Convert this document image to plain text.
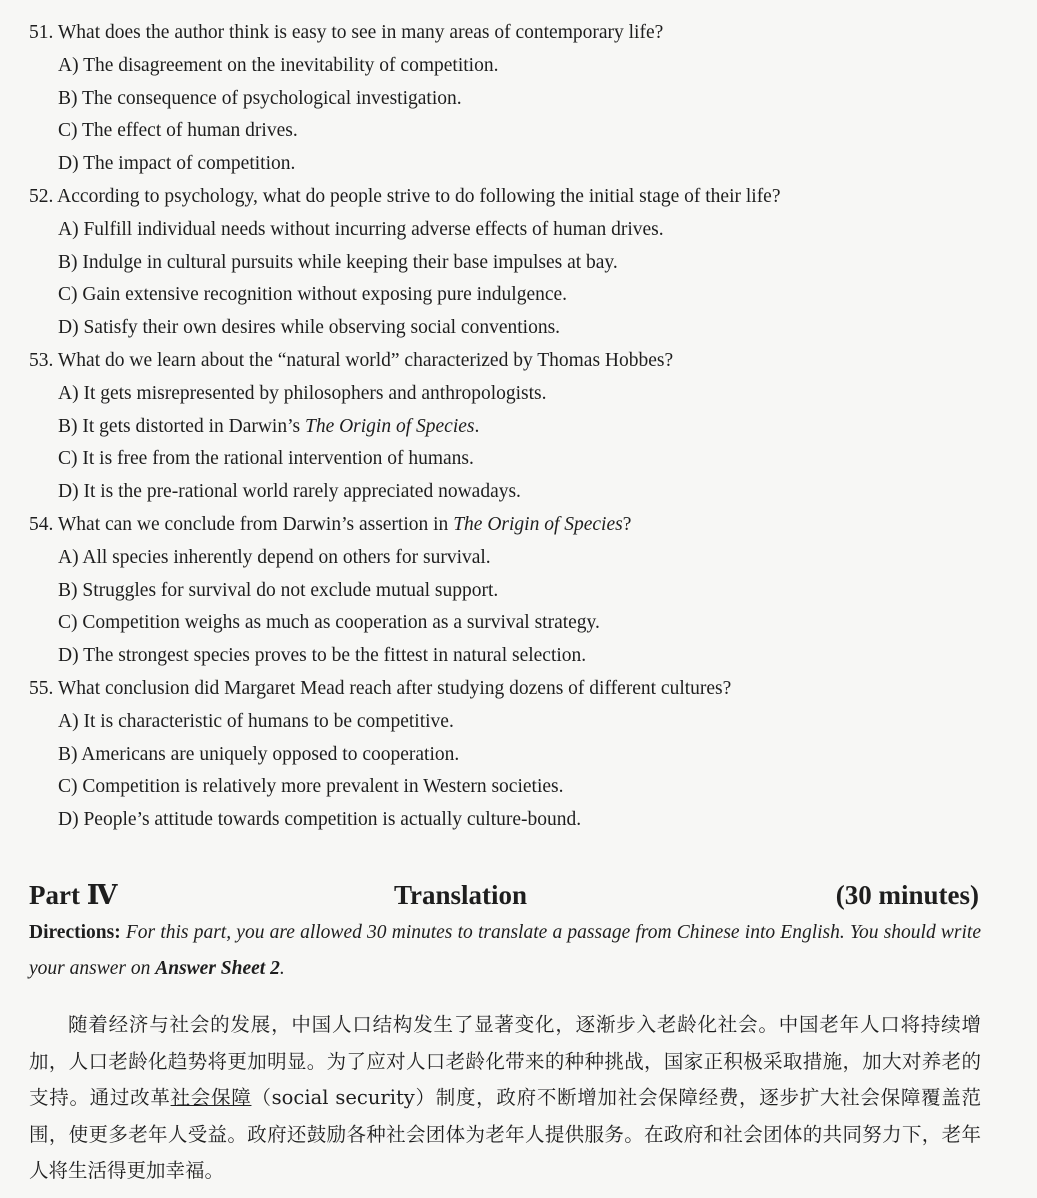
51. What does the author think is easy to see in many areas of contemporary life?
A) The disagreement on the inevitability of competition.
B) The consequence of psychological investigation.
C) The effect of human drives.
D) The impact of competition.
52. According to psychology, what do people strive to do following the initial stage of their life?
A) Fulfill individual needs without incurring adverse effects of human drives.
B) Indulge in cultural pursuits while keeping their base impulses at bay.
C) Gain extensive recognition without exposing pure indulgence.
D) Satisfy their own desires while observing social conventions.
53. What do we learn about the “natural world” characterized by Thomas Hobbes?
A) It gets misrepresented by philosophers and anthropologists.
B) It gets distorted in Darwin’s The Origin of Species.
C) It is free from the rational intervention of humans.
D) It is the pre-rational world rarely appreciated nowadays.
54. What can we conclude from Darwin’s assertion in The Origin of Species?
A) All species inherently depend on others for survival.
B) Struggles for survival do not exclude mutual support.
C) Competition weighs as much as cooperation as a survival strategy.
D) The strongest species proves to be the fittest in natural selection.
55. What conclusion did Margaret Mead reach after studying dozens of different cultures?
A) It is characteristic of humans to be competitive.
B) Americans are uniquely opposed to cooperation.
C) Competition is relatively more prevalent in Western societies.
D) People’s attitude towards competition is actually culture-bound.
Part Ⅳ	Translation	(30 minutes)
Directions: For this part, you are allowed 30 minutes to translate a passage from Chinese into English. You should write your answer on Answer Sheet 2.
随着经济与社会的发展，中国人口结构发生了显著变化，逐渐步入老龄化社会。中国老年人口将持续增加，人口老龄化趋势将更加明显。为了应对人口老龄化带来的种种挑战，国家正积极采取措施，加大对养老的支持。通过改革社会保障（social security）制度，政府不断增加社会保障经费，逐步扩大社会保障覆盖范围，使更多老年人受益。政府还鼓励各种社会团体为老年人提供服务。在政府和社会团体的共同努力下，老年人将生活得更加幸福。
